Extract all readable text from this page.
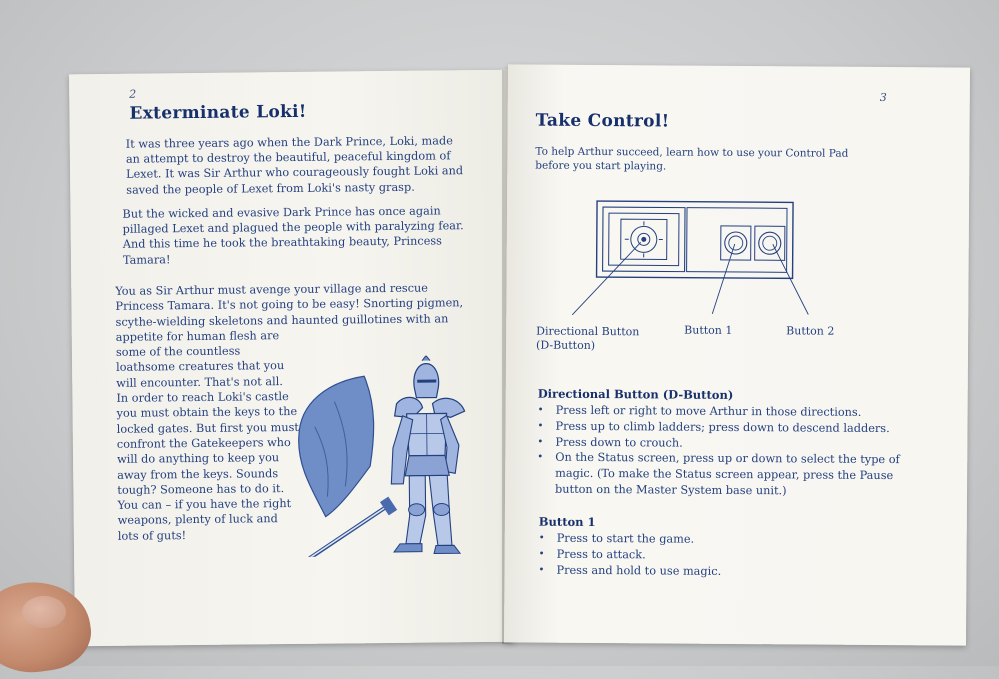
2
Exterminate Loki!

It was three years ago when the Dark Prince, Loki, made an attempt to destroy the beautiful, peaceful kingdom of Lexet. It was Sir Arthur who courageously fought Loki and saved the people of Lexet from Loki's nasty grasp.

But the wicked and evasive Dark Prince has once again pillaged Lexet and plagued the people with paralyzing fear. And this time he took the breathtaking beauty, Princess Tamara!

You as Sir Arthur must avenge your village and rescue
Princess Tamara. It's not going to be easy! Snorting pigmen,
scythe-wielding skeletons and haunted guillotines with an
appetite for human flesh are
some of the countless
loathsome creatures that you
will encounter. That's not all.
In order to reach Loki's castle
you must obtain the keys to the
locked gates. But first you must
confront the Gatekeepers who
will do anything to keep you
away from the keys. Sounds
tough? Someone has to do it.
You can – if you have the right
weapons, plenty of luck and
lots of guts!
3
Take Control!

To help Arthur succeed, learn how to use your Control Pad before you start playing.

Directional Button
(D-Button)
Button 1	Button 2
Directional Button (D-Button)
• Press left or right to move Arthur in those directions.
• Press up to climb ladders; press down to descend ladders.
• Press down to crouch.
• On the Status screen, press up or down to select the type of magic. (To make the Status screen appear, press the Pause button on the Master System base unit.)
Button 1
• Press to start the game.
• Press to attack.
• Press and hold to use magic.
